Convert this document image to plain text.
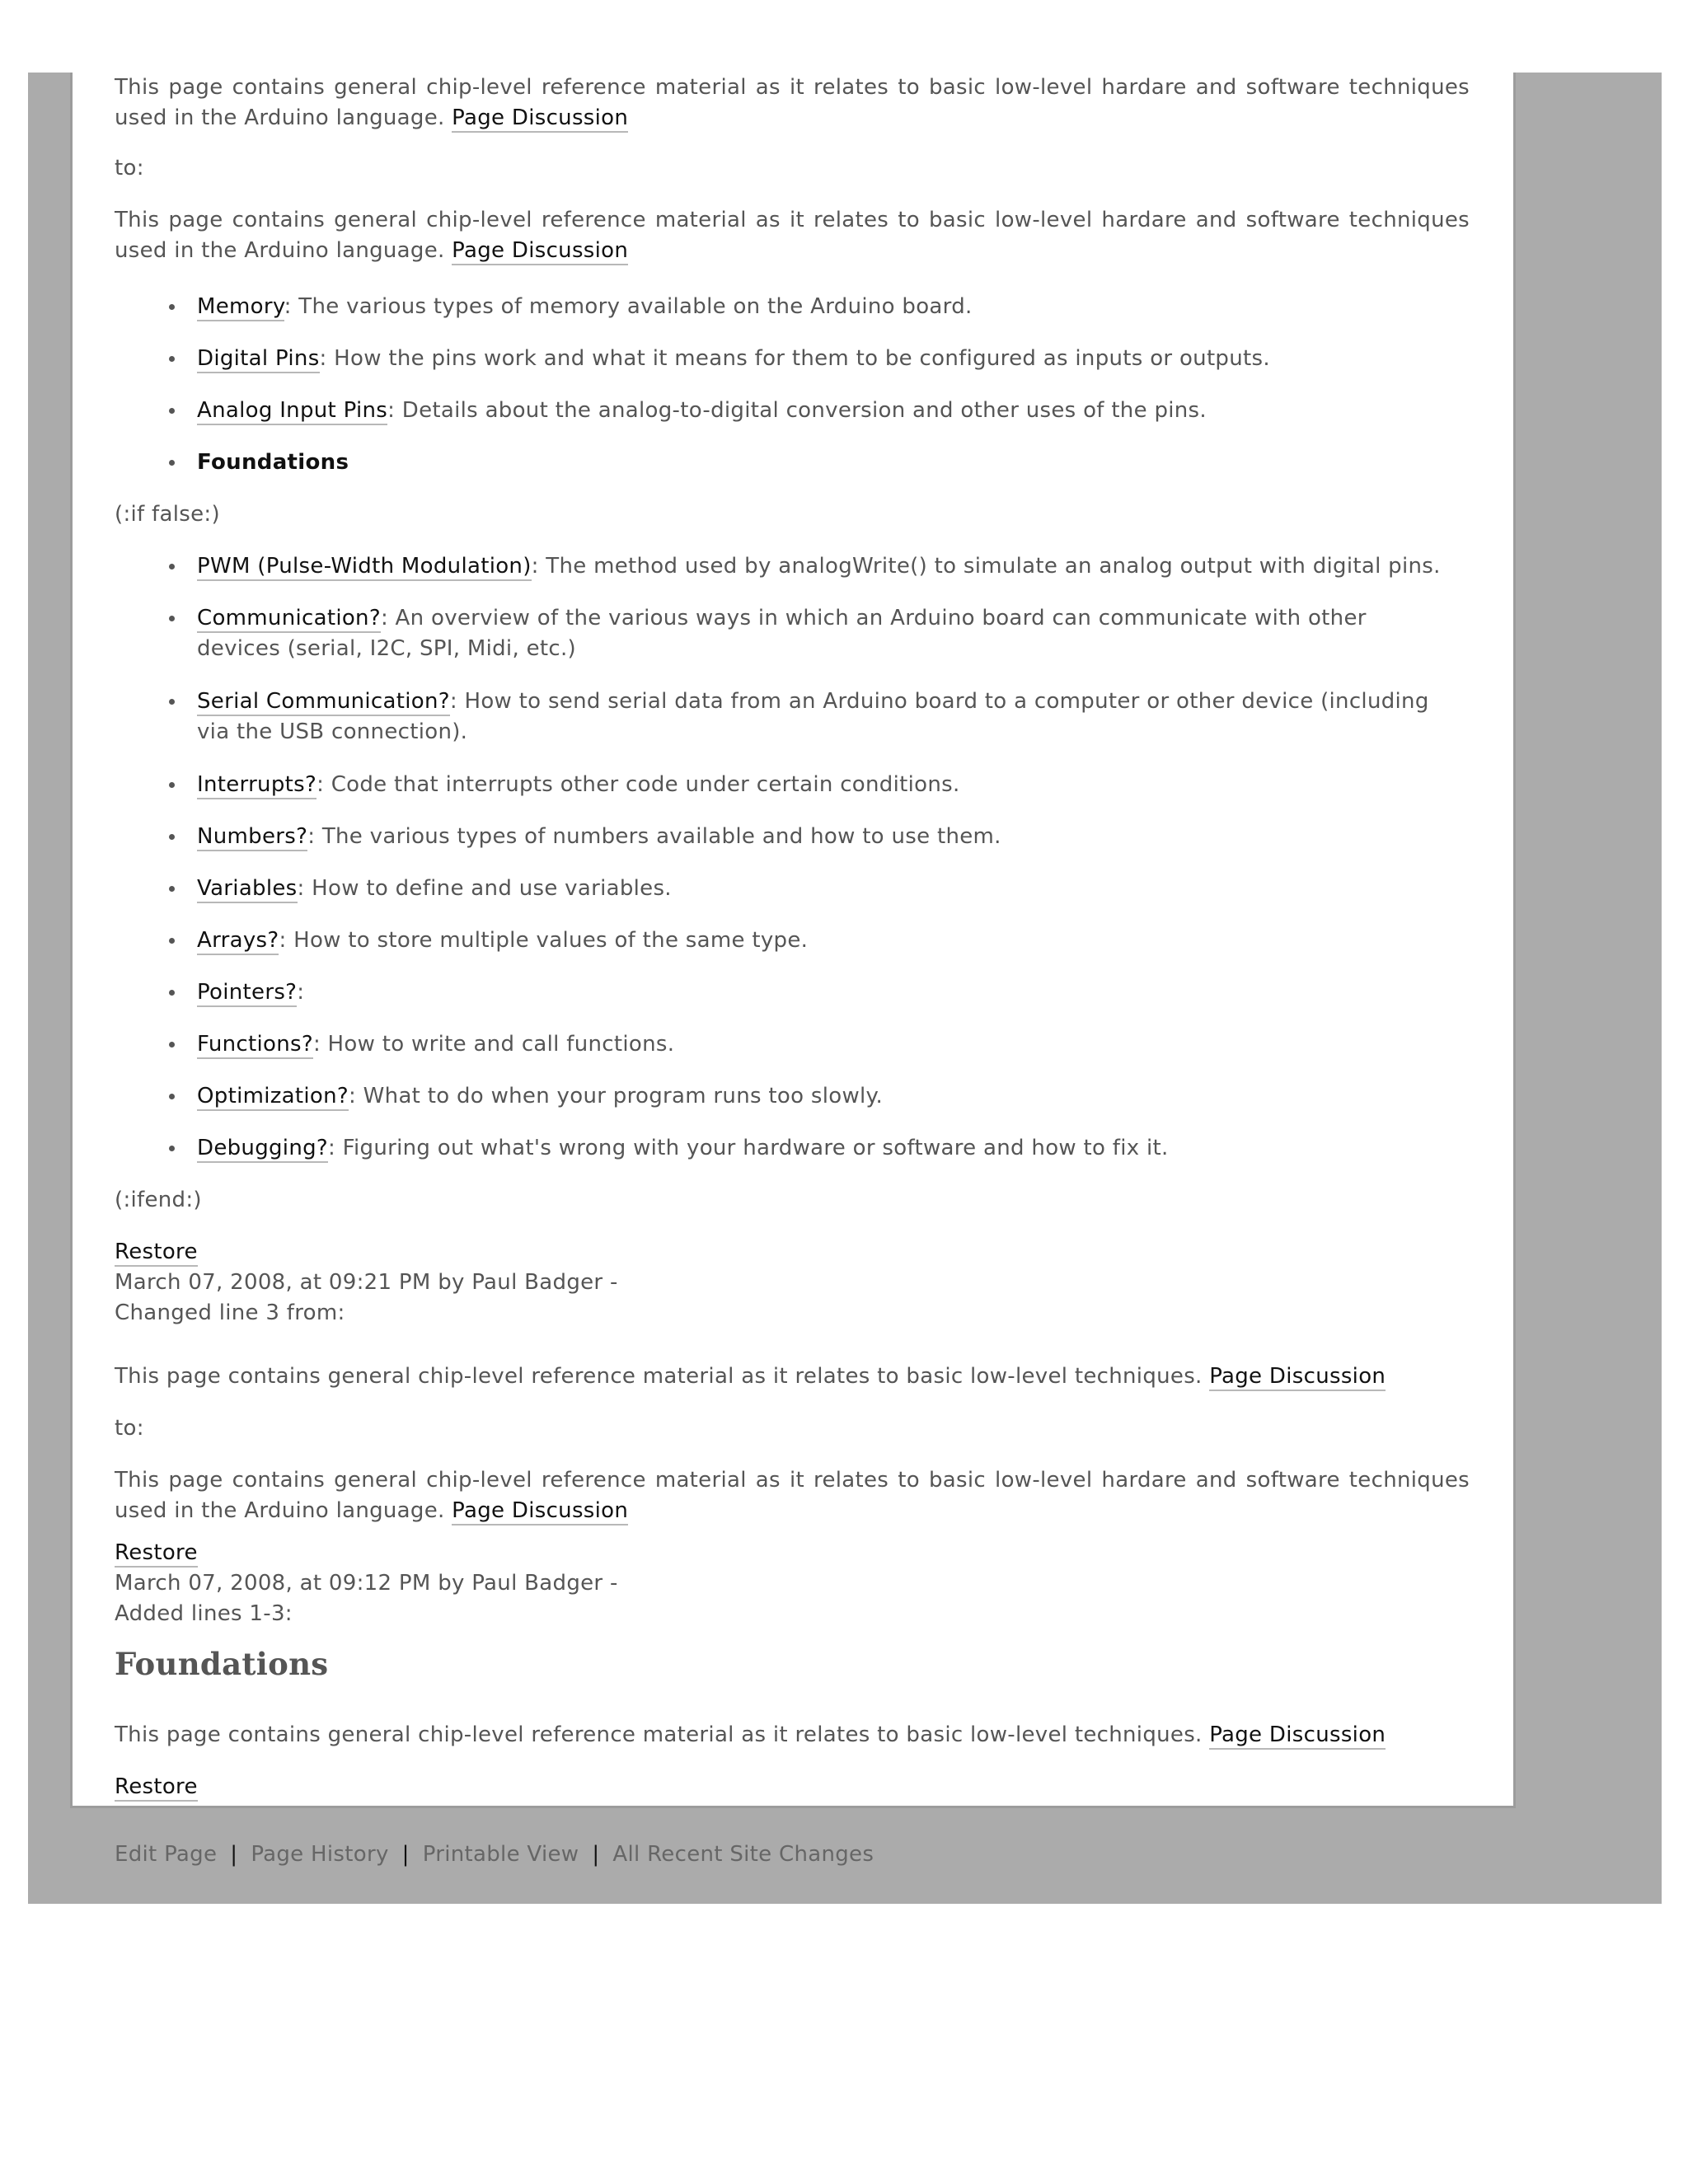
This page contains general chip-level reference material as it relates to basic low-level hardare and software techniques used in the Arduino language. Page Discussion

to:

This page contains general chip-level reference material as it relates to basic low-level hardare and software techniques used in the Arduino language. Page Discussion

Memory: The various types of memory available on the Arduino board.
Digital Pins: How the pins work and what it means for them to be configured as inputs or outputs.
Analog Input Pins: Details about the analog-to-digital conversion and other uses of the pins.
Foundations

(:if false:)

PWM (Pulse-Width Modulation): The method used by analogWrite() to simulate an analog output with digital pins.
Communication?: An overview of the various ways in which an Arduino board can communicate with other devices (serial, I2C, SPI, Midi, etc.)
Serial Communication?: How to send serial data from an Arduino board to a computer or other device (including via the USB connection).
Interrupts?: Code that interrupts other code under certain conditions.
Numbers?: The various types of numbers available and how to use them.
Variables: How to define and use variables.
Arrays?: How to store multiple values of the same type.
Pointers?:
Functions?: How to write and call functions.
Optimization?: What to do when your program runs too slowly.
Debugging?: Figuring out what's wrong with your hardware or software and how to fix it.

(:ifend:)

Restore

March 07, 2008, at 09:21 PM by Paul Badger -

Changed line 3 from:

This page contains general chip-level reference material as it relates to basic low-level techniques. Page Discussion

to:

This page contains general chip-level reference material as it relates to basic low-level hardare and software techniques used in the Arduino language. Page Discussion

Restore

March 07, 2008, at 09:12 PM by Paul Badger -

Added lines 1-3:

Foundations

This page contains general chip-level reference material as it relates to basic low-level techniques. Page Discussion

Restore

Edit Page | Page History | Printable View | All Recent Site Changes
